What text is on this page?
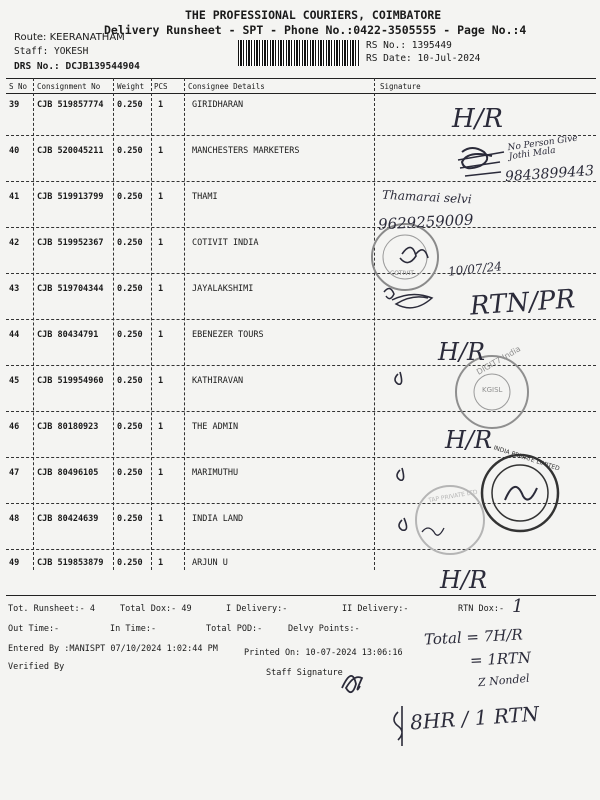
THE PROFESSIONAL COURIERS, COIMBATORE
Delivery Runsheet - SPT - Phone No.:0422-3505555 - Page No.:4
Route: KEERANATHAM
Staff: YOKESH
DRS No.: DCJB139544904
RS No.: 1395449
RS Date: 10-Jul-2024
S No Consignment No Weight PCS	Consignee Details	Signature
39 CJB 519857774 0.250 1	GIRIDHARAN
40 CJB 520045211 0.250 1	MANCHESTERS MARKETERS
41 CJB 519913799 0.250 1	THAMI
42 CJB 519952367 0.250 1	COTIVIT INDIA
43 CJB 519704344 0.250 1	JAYALAKSHIMI
44 CJB 80434791 0.250 1	EBENEZER TOURS
45 CJB 519954960 0.250 1	KATHIRAVAN
46 CJB 80180923 0.250 1	THE ADMIN
47 CJB 80496105 0.250 1	MARIMUTHU
48 CJB 80424639 0.250 1	INDIA LAND
49 CJB 519853879 0.250 1	ARJUN U
H/R
No Person Give Jothi Mala
9843899443
Thamarai selvi
9629259009
COTIVIT	10/07/24
RTN/PR
H/R
DIGIT7 India
KGISL
H/R
INDIA PRIVATE LIMITED
TAP PRIVATE LTD
H/R
Tot. Runsheet:- 4	Total Dox:- 49	I Delivery:-	II Delivery:-	RTN Dox:- 1
Out Time:-	In Time:-	Total POD:-	Delvy Points:-
Entered By :MANISPT 07/10/2024 1:02:44 PM	Printed On: 10-07-2024 13:06:16
Verified By
Staff Signature
Total = 7H/R
= 1RTN
Z Nondel
8HR / 1 RTN
